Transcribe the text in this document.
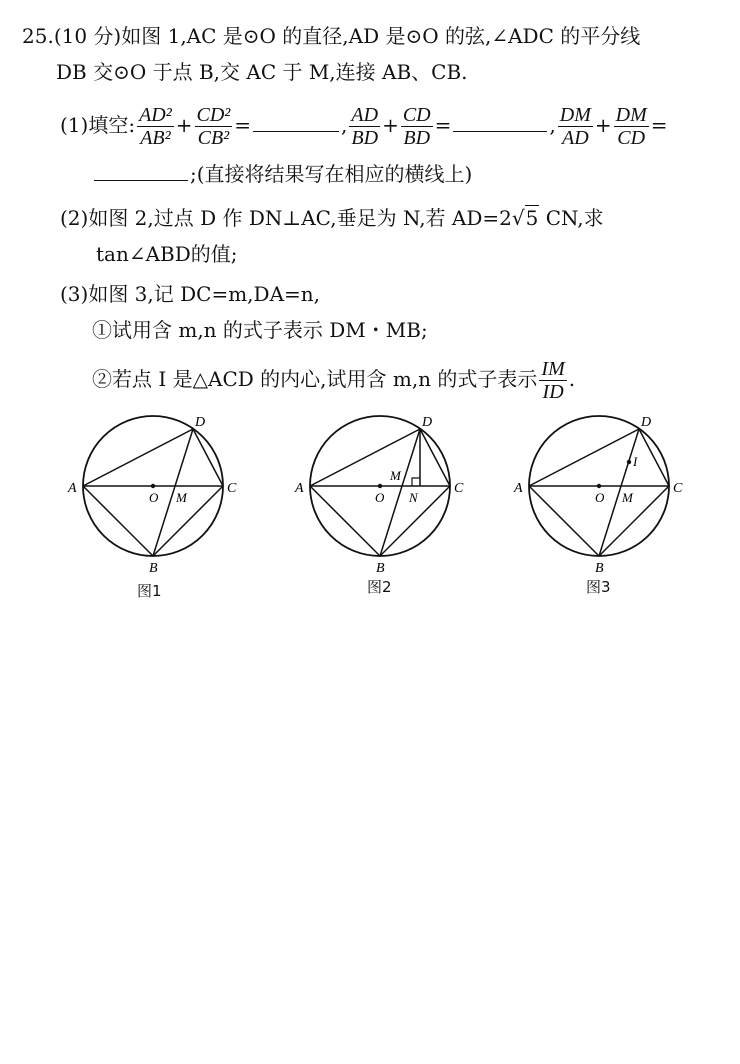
25.(10 分)如图 1,AC 是⊙O 的直径,AD 是⊙O 的弦,∠ADC 的平分线
DB 交⊙O 于点 B,交 AC 于 M,连接 AB、CB.
(1)填空: $\frac{\text{AD²}}{\text{AB²}} + \frac{\text{CD²}}{\text{CB²}}$ =	, $\frac{AD}{BD} + \frac{CD}{BD}$ =	, $\frac{DM}{AD} + \frac{DM}{CD}$ =
;(直接将结果写在相应的横线上)
(2)如图 2,过点 D 作 DN⊥AC,垂足为 N,若 AD=2√5 CN,求
tan∠ABD的值;
(3)如图 3,记 DC=m,DA=n,
①试用含 m,n 的式子表示 DM・MB;
②若点 I 是△ACD 的内心,试用含 m,n 的式子表示 $\frac{IM}{ID}$ .
A	C
D
B
O M
图1
A	C
D
B
O
M
N
图2
A	C
D
B
O M
I
图3
